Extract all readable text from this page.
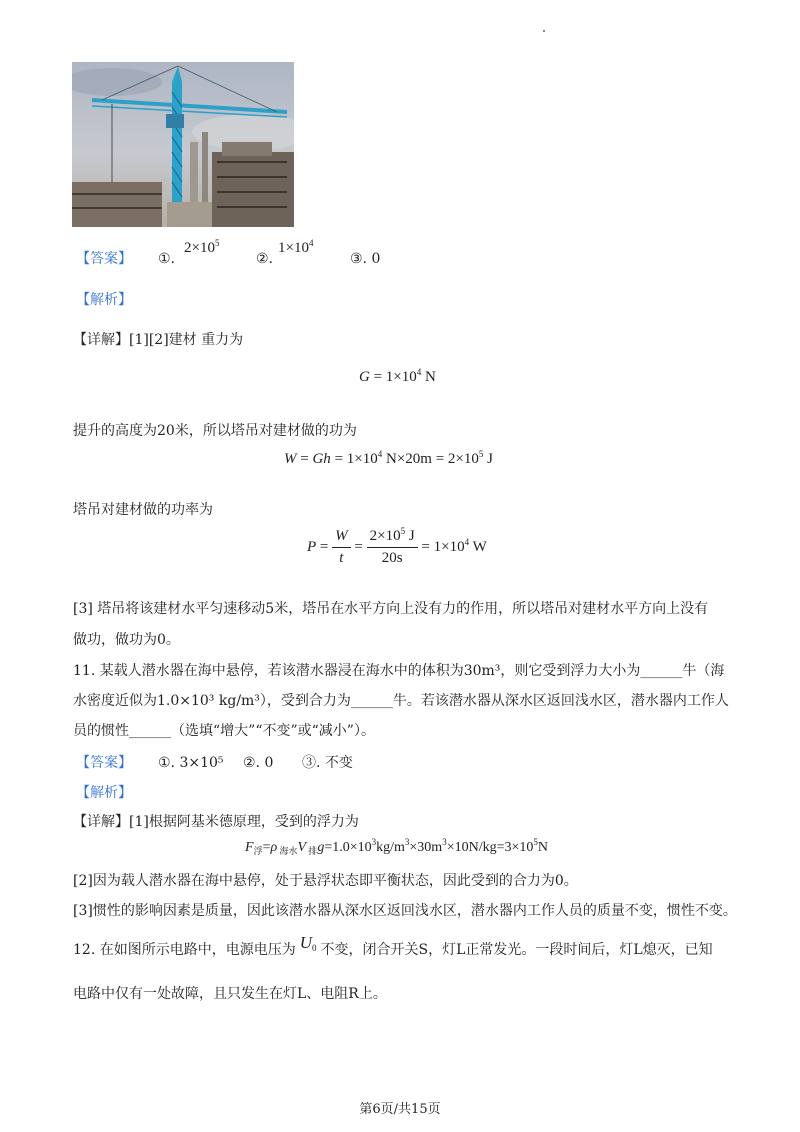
【答案】 ①.
$2\times 10^5$
②.
$1\times 10^4$
③. 0
【解析】
【详解】[1][2]建材 重力为
$G = 1\times 10^4$ N
提升的高度为20米，所以塔吊对建材做的功为
$W = Gh = 1\times 10^4$ $N\times 20m = 2\times 10^5$ J
塔吊对建材做的功率为
$P = \frac{W}{t} = \frac{2\times 10^5 J}{20s} = 1\times 10^4$ W
[3] 塔吊将该建材水平匀速移动5米，塔吊在水平方向上没有力的作用，所以塔吊对建材水平方向上没有
做功，做功为0。
11. 某载人潜水器在海中悬停，若该潜水器浸在海水中的体积为30m³，则它受到浮力大小为______牛（海
水密度近似为1.0×10³ kg/m³），受到合力为______牛。若该潜水器从深水区返回浅水区，潜水器内工作人
员的惯性______（选填“增大”“不变”或“减小”）。
【答案】 ①. 3×10⁵ ②. 0 ③. 不变
【解析】
【详解】[1]根据阿基米德原理，受到的浮力为
$F_浮=\rho$ $_{海水}$V $_排g=1.0\times 10^3kg/m^3\times 30m^3\times 10N/kg=3\times 10^5N$
[2]因为载人潜水器在海中悬停，处于悬浮状态即平衡状态，因此受到的合力为0。
[3]惯性的影响因素是质量，因此该潜水器从深水区返回浅水区，潜水器内工作人员的质量不变，惯性不变。
12. 在如图所示电路中，电源电压为 $U_0$ 不变，闭合开关S，灯L正常发光。一段时间后，灯L熄灭，已知
电路中仅有一处故障，且只发生在灯L、电阻R上。
第6页/共15页
